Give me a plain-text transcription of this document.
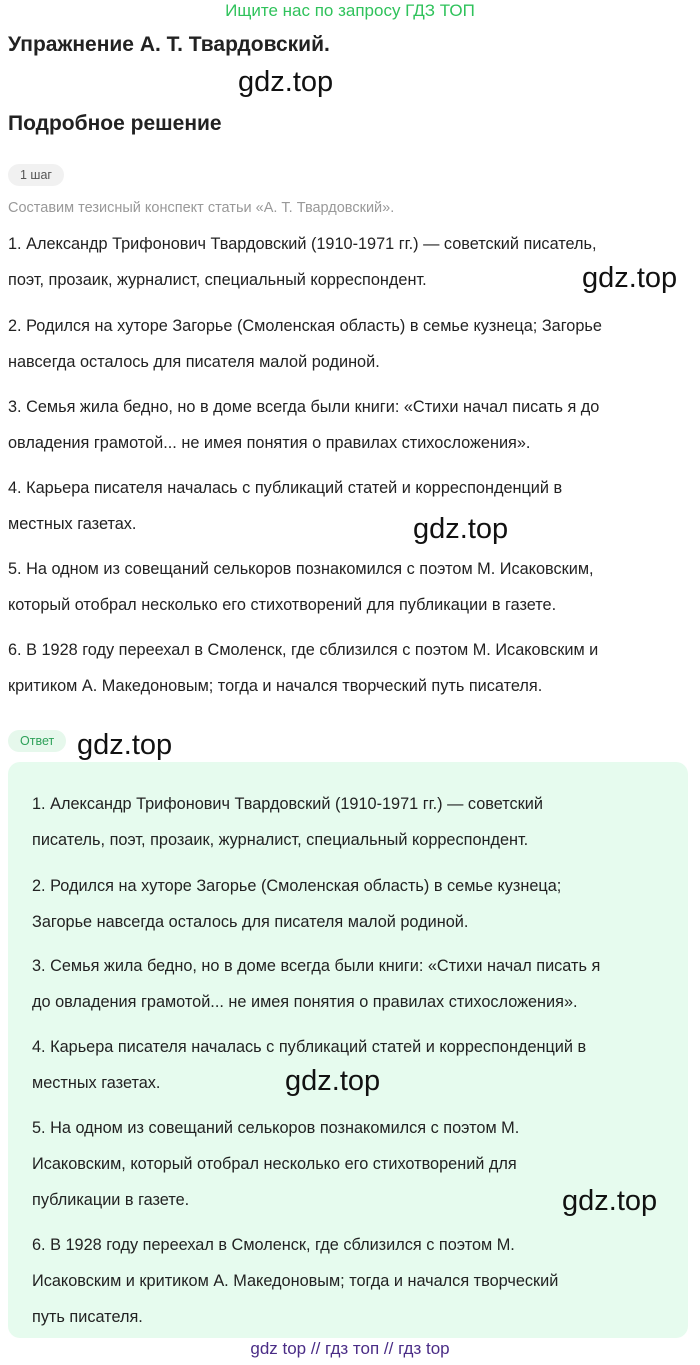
Ищите нас по запросу ГДЗ ТОП
Упражнение А. Т. Твардовский.
gdz.top
Подробное решение
1 шаг
Составим тезисный конспект статьи «А. Т. Твардовский».
1. Александр Трифонович Твардовский (1910-1971 гг.) — советский писатель,
поэт, прозаик, журналист, специальный корреспондент.	gdz.top
2. Родился на хуторе Загорье (Смоленская область) в семье кузнеца; Загорье
навсегда осталось для писателя малой родиной.
3. Семья жила бедно, но в доме всегда были книги: «Стихи начал писать я до
овладения грамотой... не имея понятия о правилах стихосложения».
4. Карьера писателя началась с публикаций статей и корреспонденций в
местных газетах.	gdz.top
5. На одном из совещаний селькоров познакомился с поэтом М. Исаковским,
который отобрал несколько его стихотворений для публикации в газете.
6. В 1928 году переехал в Смоленск, где сблизился с поэтом М. Исаковским и
критиком А. Македоновым; тогда и начался творческий путь писателя.
Ответ gdz.top
1. Александр Трифонович Твардовский (1910-1971 гг.) — советский
писатель, поэт, прозаик, журналист, специальный корреспондент.
2. Родился на хуторе Загорье (Смоленская область) в семье кузнеца;
Загорье навсегда осталось для писателя малой родиной.
3. Семья жила бедно, но в доме всегда были книги: «Стихи начал писать я
до овладения грамотой... не имея понятия о правилах стихосложения».
4. Карьера писателя началась с публикаций статей и корреспонденций в
местных газетах.	gdz.top
5. На одном из совещаний селькоров познакомился с поэтом М.
Исаковским, который отобрал несколько его стихотворений для
публикации в газете.	gdz.top
6. В 1928 году переехал в Смоленск, где сблизился с поэтом М.
Исаковским и критиком А. Македоновым; тогда и начался творческий
путь писателя.
gdz top // гдз топ // гдз top
